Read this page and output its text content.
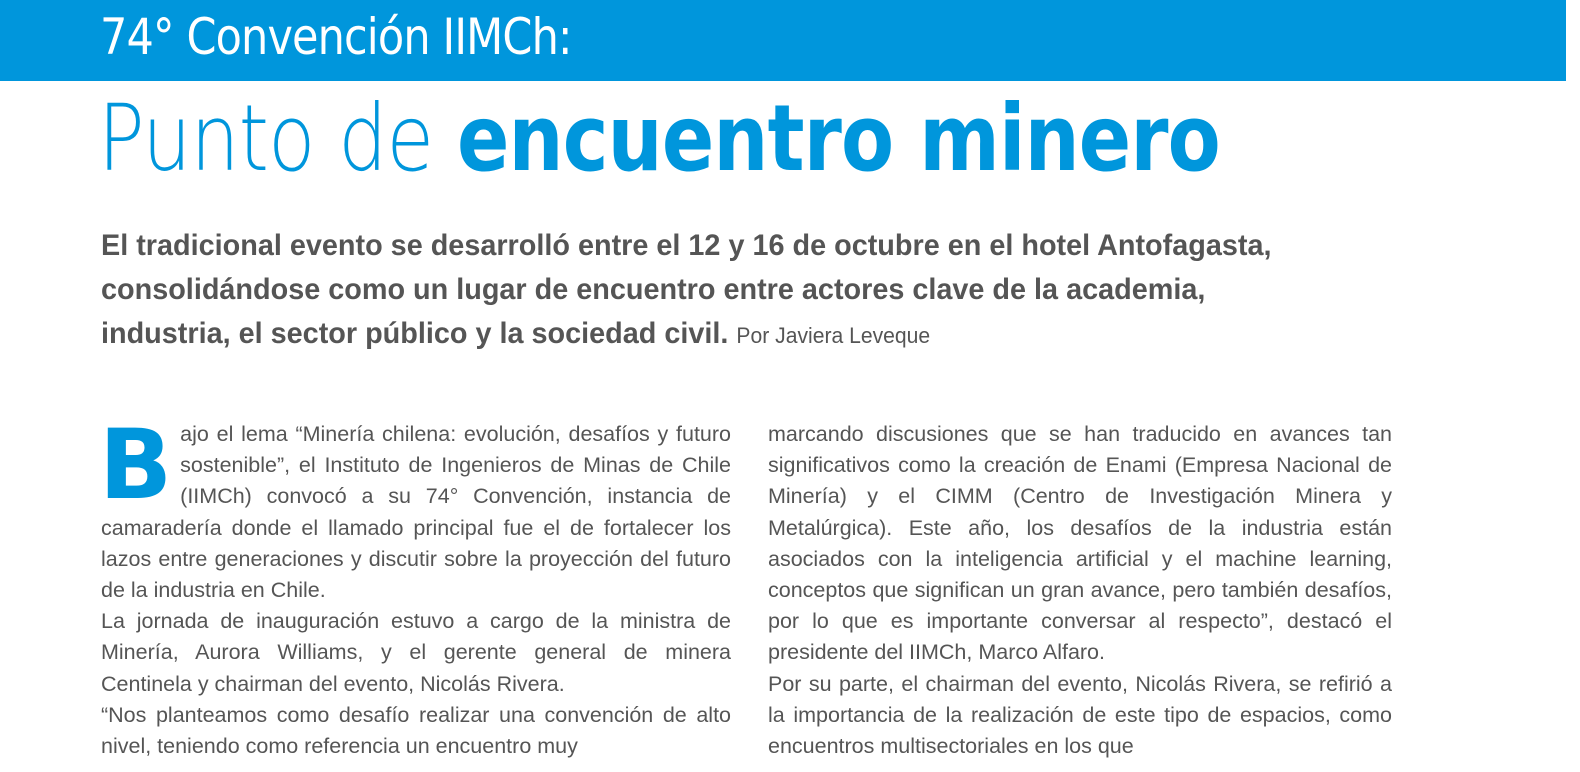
74° Convención IIMCh:
Punto de encuentro minero
El tradicional evento se desarrolló entre el 12 y 16 de octubre en el hotel Antofagasta,
consolidándose como un lugar de encuentro entre actores clave de la academia,
industria, el sector público y la sociedad civil. Por Javiera Leveque

Bajo el lema “Minería chilena: evolución, desafíos y futuro sostenible”, el Instituto de Ingenieros de Minas de Chile (IIMCh) convocó a su 74° Convención, instancia de camaradería donde el llamado principal fue el de fortalecer los lazos entre generaciones y discutir sobre la proyección del futuro de la industria en Chile.

La jornada de inauguración estuvo a cargo de la ministra de Minería, Aurora Williams, y el gerente general de minera Centinela y chairman del evento, Nicolás Rivera.

“Nos planteamos como desafío realizar una convención de alto nivel, teniendo como referencia un encuentro muy

marcando discusiones que se han traducido en avances tan significativos como la creación de Enami (Empresa Nacional de Minería) y el CIMM (Centro de Investigación Minera y Metalúrgica). Este año, los desafíos de la industria están asociados con la inteligencia artificial y el machine learning, conceptos que significan un gran avance, pero también desafíos, por lo que es importante conversar al respecto”, destacó el presidente del IIMCh, Marco Alfaro.

Por su parte, el chairman del evento, Nicolás Rivera, se refirió a la importancia de la realización de este tipo de espacios, como encuentros multisectoriales en los que
